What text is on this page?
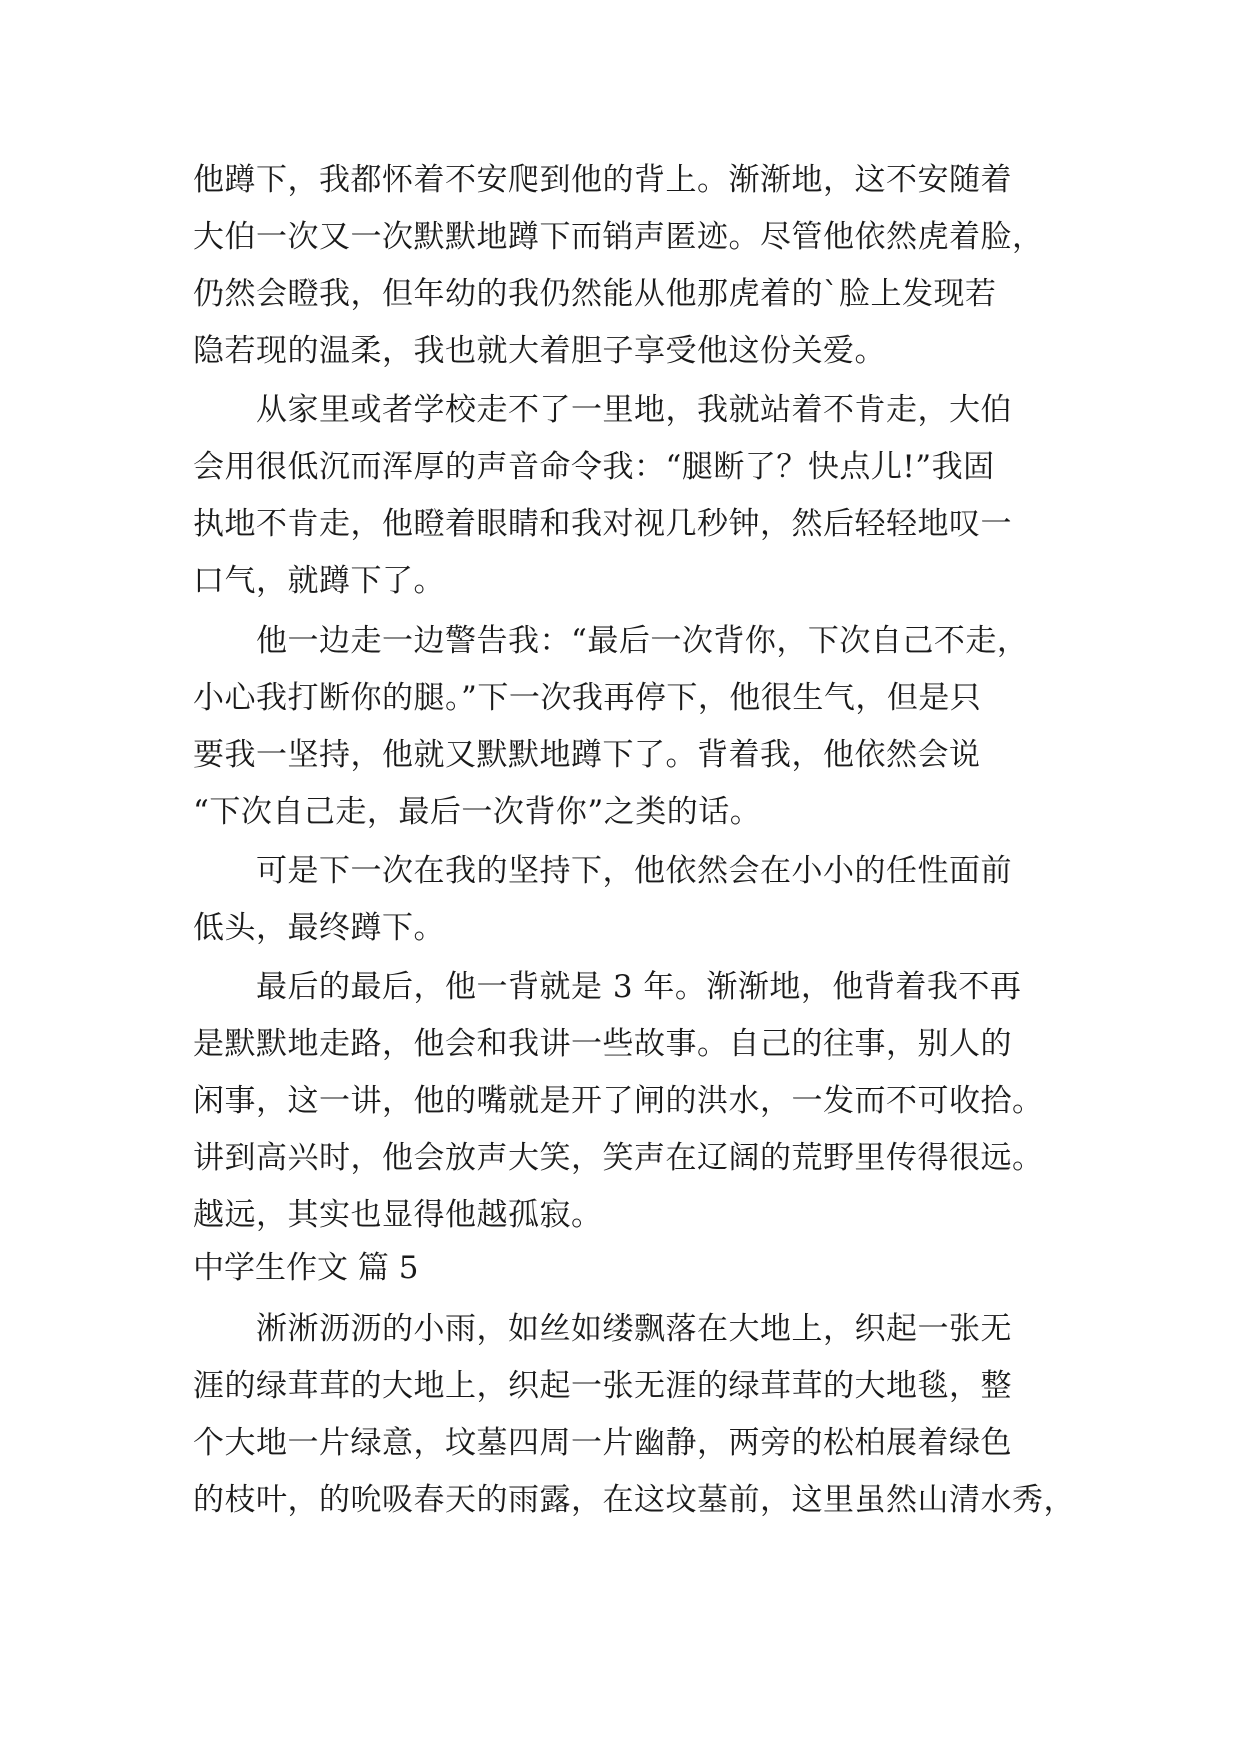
他蹲下，我都怀着不安爬到他的背上。渐渐地，这不安随着
大伯一次又一次默默地蹲下而销声匿迹。尽管他依然虎着脸，
仍然会瞪我，但年幼的我仍然能从他那虎着的`脸上发现若
隐若现的温柔，我也就大着胆子享受他这份关爱。
从家里或者学校走不了一里地，我就站着不肯走，大伯
会用很低沉而浑厚的声音命令我：“腿断了？快点儿!”我固
执地不肯走，他瞪着眼睛和我对视几秒钟，然后轻轻地叹一
口气，就蹲下了。
他一边走一边警告我：“最后一次背你，下次自己不走，
小心我打断你的腿。”下一次我再停下，他很生气，但是只
要我一坚持，他就又默默地蹲下了。背着我，他依然会说
“下次自己走，最后一次背你”之类的话。
可是下一次在我的坚持下，他依然会在小小的任性面前
低头，最终蹲下。
最后的最后，他一背就是 3 年。渐渐地，他背着我不再
是默默地走路，他会和我讲一些故事。自己的往事，别人的
闲事，这一讲，他的嘴就是开了闸的洪水，一发而不可收拾。
讲到高兴时，他会放声大笑，笑声在辽阔的荒野里传得很远。
越远，其实也显得他越孤寂。
中学生作文 篇 5
淅淅沥沥的小雨，如丝如缕飘落在大地上，织起一张无
涯的绿茸茸的大地上，织起一张无涯的绿茸茸的大地毯，整
个大地一片绿意，坟墓四周一片幽静，两旁的松柏展着绿色
的枝叶，的吮吸春天的雨露，在这坟墓前，这里虽然山清水秀，
